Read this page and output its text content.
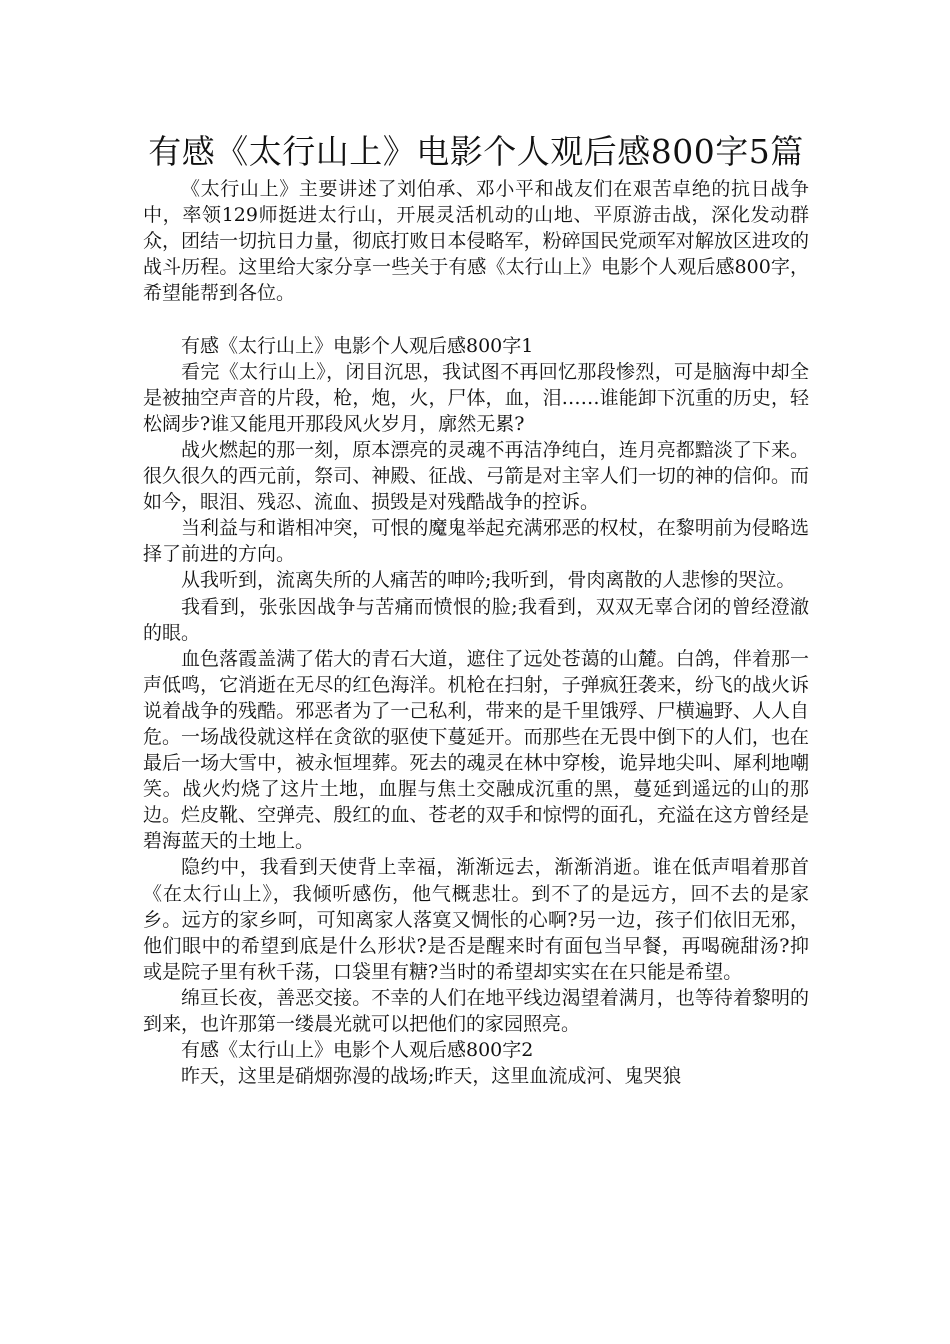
有感《太行山上》电影个人观后感800字5篇

《太行山上》主要讲述了刘伯承、邓小平和战友们在艰苦卓绝的抗日战争中，率领129师挺进太行山，开展灵活机动的山地、平原游击战，深化发动群众，团结一切抗日力量，彻底打败日本侵略军，粉碎国民党顽军对解放区进攻的战斗历程。这里给大家分享一些关于有感《太行山上》电影个人观后感800字，希望能帮到各位。

有感《太行山上》电影个人观后感800字1

看完《太行山上》，闭目沉思，我试图不再回忆那段惨烈，可是脑海中却全是被抽空声音的片段，枪，炮，火，尸体，血，泪……谁能卸下沉重的历史，轻松阔步?谁又能甩开那段风火岁月，廓然无累?

战火燃起的那一刻，原本漂亮的灵魂不再洁净纯白，连月亮都黯淡了下来。很久很久的西元前，祭司、神殿、征战、弓箭是对主宰人们一切的神的信仰。而如今，眼泪、残忍、流血、损毁是对残酷战争的控诉。

当利益与和谐相冲突，可恨的魔鬼举起充满邪恶的权杖，在黎明前为侵略选择了前进的方向。

从我听到，流离失所的人痛苦的呻吟;我听到，骨肉离散的人悲惨的哭泣。

我看到，张张因战争与苦痛而愤恨的脸;我看到，双双无辜合闭的曾经澄澈的眼。

血色落霞盖满了偌大的青石大道，遮住了远处苍蔼的山麓。白鸽，伴着那一声低鸣，它消逝在无尽的红色海洋。机枪在扫射，子弹疯狂袭来，纷飞的战火诉说着战争的残酷。邪恶者为了一己私利，带来的是千里饿殍、尸横遍野、人人自危。一场战役就这样在贪欲的驱使下蔓延开。而那些在无畏中倒下的人们，也在最后一场大雪中，被永恒埋葬。死去的魂灵在林中穿梭，诡异地尖叫、犀利地嘲笑。战火灼烧了这片土地，血腥与焦土交融成沉重的黑，蔓延到遥远的山的那边。烂皮靴、空弹壳、殷红的血、苍老的双手和惊愕的面孔，充溢在这方曾经是碧海蓝天的土地上。

隐约中，我看到天使背上幸福，渐渐远去，渐渐消逝。谁在低声唱着那首《在太行山上》，我倾听感伤，他气概悲壮。到不了的是远方，回不去的是家乡。远方的家乡呵，可知离家人落寞又惆怅的心啊?另一边，孩子们依旧无邪，他们眼中的希望到底是什么形状?是否是醒来时有面包当早餐，再喝碗甜汤?抑或是院子里有秋千荡，口袋里有糖?当时的希望却实实在在只能是希望。

绵亘长夜，善恶交接。不幸的人们在地平线边渴望着满月，也等待着黎明的到来，也许那第一缕晨光就可以把他们的家园照亮。

有感《太行山上》电影个人观后感800字2

昨天，这里是硝烟弥漫的战场;昨天，这里血流成河、鬼哭狼
